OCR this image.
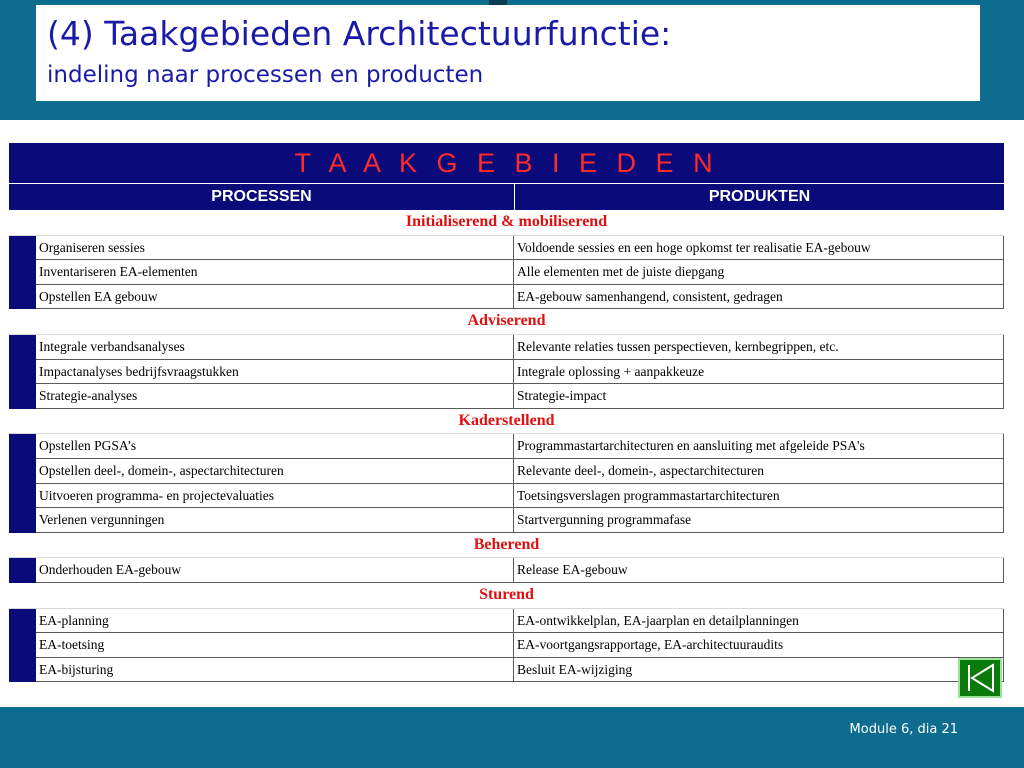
(4) Taakgebieden Architectuurfunctie:
indeling naar processen en producten
T A A K G E B I E D E N
PROCESSEN	PRODUKTEN
Initialiserend & mobiliserend
Organiseren sessies	Voldoende sessies en een hoge opkomst ter realisatie EA-gebouw
Inventariseren EA-elementen	Alle elementen met de juiste diepgang
Opstellen EA gebouw	EA-gebouw samenhangend, consistent, gedragen
Adviserend
Integrale verbandsanalyses	Relevante relaties tussen perspectieven, kernbegrippen, etc.
Impactanalyses bedrijfsvraagstukken	Integrale oplossing + aanpakkeuze
Strategie-analyses	Strategie-impact
Kaderstellend
Opstellen PGSA’s	Programmastartarchitecturen en aansluiting met afgeleide PSA's
Opstellen deel-, domein-, aspectarchitecturen	Relevante deel-, domein-, aspectarchitecturen
Uitvoeren programma- en projectevaluaties	Toetsingsverslagen programmastartarchitecturen
Verlenen vergunningen	Startvergunning programmafase
Beherend
Onderhouden EA-gebouw	Release EA-gebouw
Sturend
EA-planning	EA-ontwikkelplan, EA-jaarplan en detailplanningen
EA-toetsing	EA-voortgangsrapportage, EA-architectuuraudits
EA-bijsturing	Besluit EA-wijziging
Module 6, dia 21
